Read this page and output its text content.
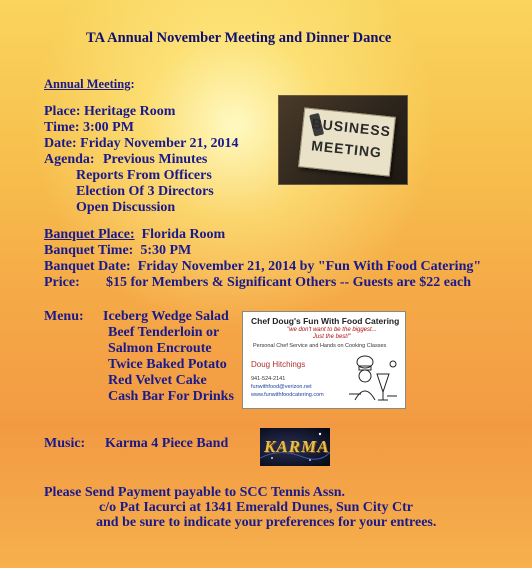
TA Annual November Meeting and Dinner Dance
Annual Meeting:
Place: Heritage Room
Time: 3:00 PM
Date: Friday November 21, 2014
Agenda: Previous Minutes
Reports From Officers
Election Of 3 Directors
Open Discussion
BUSINESS
MEETING
Banquet Place: Florida Room
Banquet Time: 5:30 PM
Banquet Date: Friday November 21, 2014 by "Fun With Food Catering"
Price: $15 for Members & Significant Others -- Guests are $22 each
Menu: Iceberg Wedge Salad
Beef Tenderloin or
Salmon Encroute
Twice Baked Potato
Red Velvet Cake
Cash Bar For Drinks
Chef Doug's Fun With Food Catering
"we don't want to be the biggest...
Just the best!"
Personal Chef Service and Hands on Cooking Classes
Doug Hitchings
941-524-2141
funwithfood@verizon.net
www.funwithfoodcatering.com
Music: Karma 4 Piece Band KARMA
Please Send Payment payable to SCC Tennis Assn.
c/o Pat Iacurci at 1341 Emerald Dunes, Sun City Ctr
and be sure to indicate your preferences for your entrees.
